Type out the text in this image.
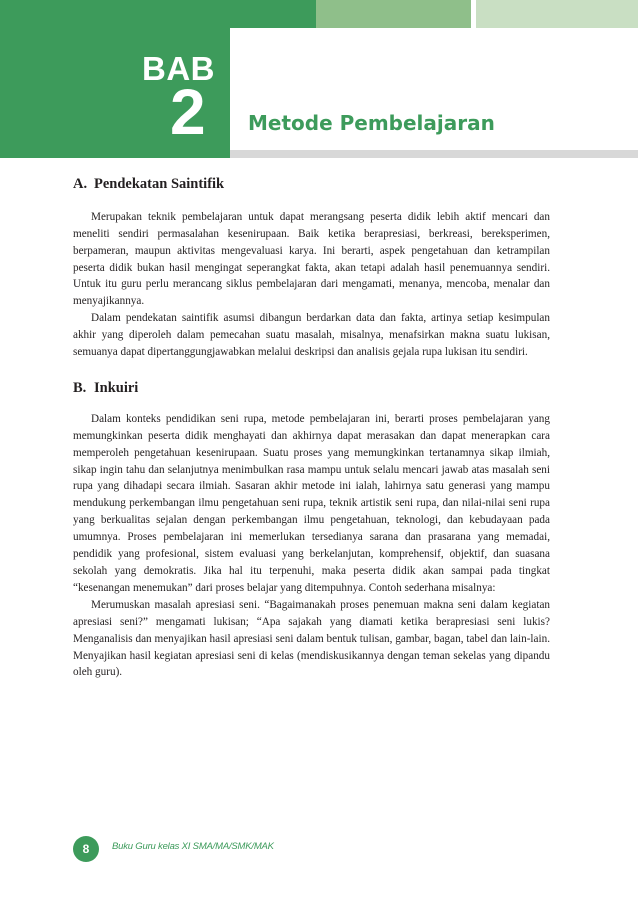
BAB
2	Metode Pembelajaran
A. Pendekatan Saintifik

Merupakan teknik pembelajaran untuk dapat merangsang peserta didik lebih aktif mencari dan meneliti sendiri permasalahan kesenirupaan. Baik ketika berapresiasi, berkreasi, bereksperimen, berpameran, maupun aktivitas mengevaluasi karya. Ini berarti, aspek pengetahuan dan ketrampilan peserta didik bukan hasil mengingat seperangkat fakta, akan tetapi adalah hasil penemuannya sendiri. Untuk itu guru perlu merancang siklus pembelajaran dari mengamati, menanya, mencoba, menalar dan menyajikannya.

Dalam pendekatan saintifik asumsi dibangun berdarkan data dan fakta, artinya setiap kesimpulan akhir yang diperoleh dalam pemecahan suatu masalah, misalnya, menafsirkan makna suatu lukisan, semuanya dapat dipertanggungjawabkan melalui deskripsi dan analisis gejala rupa lukisan itu sendiri.

B. Inkuiri

Dalam konteks pendidikan seni rupa, metode pembelajaran ini, berarti proses pembelajaran yang memungkinkan peserta didik menghayati dan akhirnya dapat merasakan dan dapat menerapkan cara memperoleh pengetahuan kesenirupaan. Suatu proses yang memungkinkan tertanamnya sikap ilmiah, sikap ingin tahu dan selanjutnya menimbulkan rasa mampu untuk selalu mencari jawab atas masalah seni rupa yang dihadapi secara ilmiah. Sasaran akhir metode ini ialah, lahirnya satu generasi yang mampu mendukung perkembangan ilmu pengetahuan seni rupa, teknik artistik seni rupa, dan nilai-nilai seni rupa yang berkualitas sejalan dengan perkembangan ilmu pengetahuan, teknologi, dan kebudayaan pada umumnya. Proses pembelajaran ini memerlukan tersedianya sarana dan prasarana yang memadai, pendidik yang profesional, sistem evaluasi yang berkelanjutan, komprehensif, objektif, dan suasana sekolah yang demokratis. Jika hal itu terpenuhi, maka peserta didik akan sampai pada tingkat “kesenangan menemukan” dari proses belajar yang ditempuhnya. Contoh sederhana misalnya:

Merumuskan masalah apresiasi seni. “Bagaimanakah proses penemuan makna seni dalam kegiatan apresiasi seni?” mengamati lukisan; “Apa sajakah yang diamati ketika berapresiasi seni lukis? Menganalisis dan menyajikan hasil apresiasi seni dalam bentuk tulisan, gambar, bagan, tabel dan lain-lain. Menyajikan hasil kegiatan apresiasi seni di kelas (mendiskusikannya dengan teman sekelas yang dipandu oleh guru).

8	Buku Guru kelas XI SMA/MA/SMK/MAK
